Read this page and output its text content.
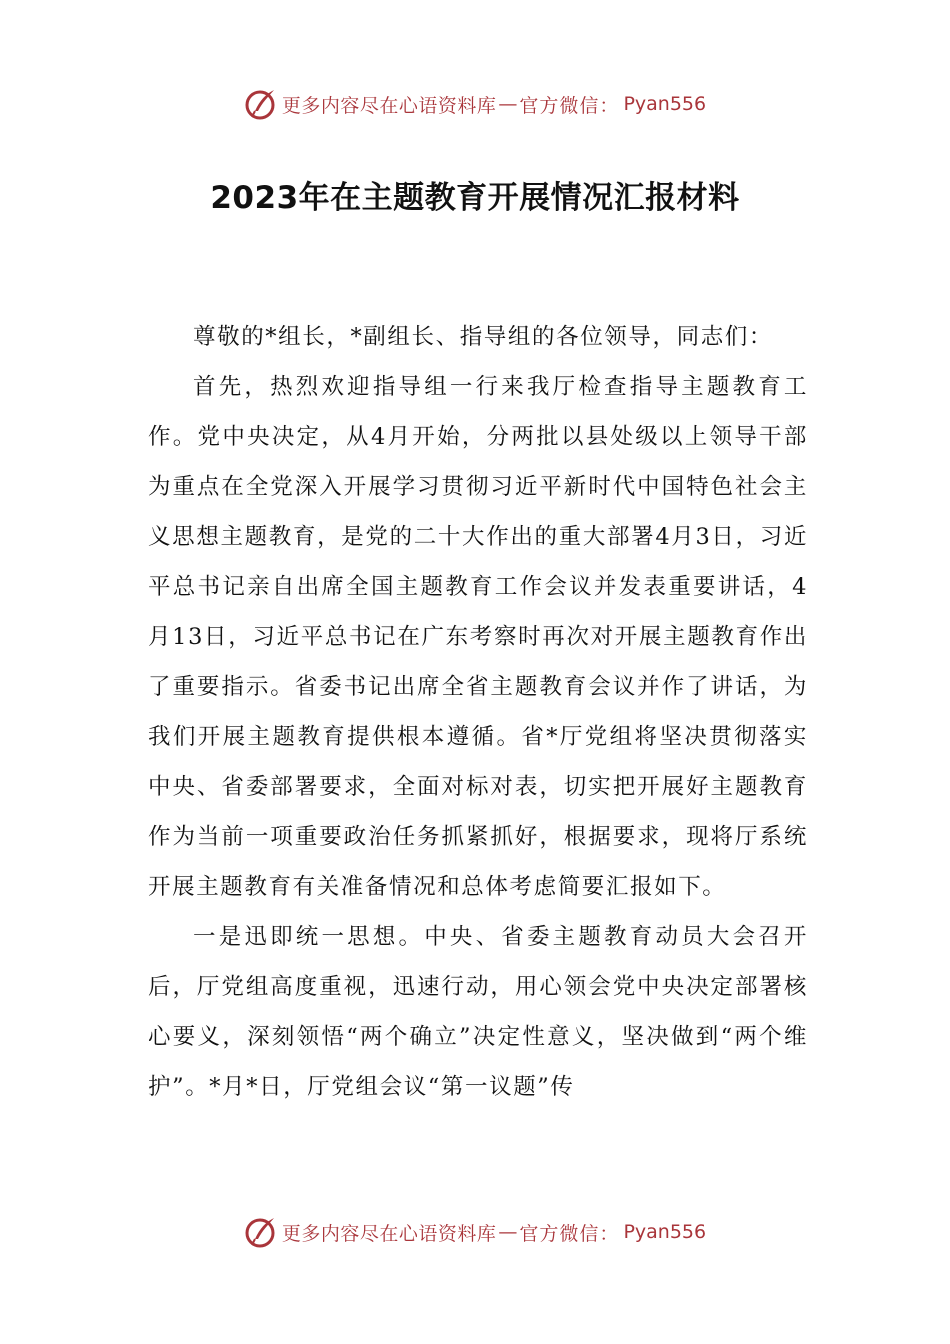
更多内容尽在心语资料库 — 官方微信： Pyan556
2023年在主题教育开展情况汇报材料

尊敬的*组长，*副组长、指导组的各位领导，同志们：

首先，热烈欢迎指导组一行来我厅检查指导主题教育工作。党中央决定，从4月开始，分两批以县处级以上领导干部为重点在全党深入开展学习贯彻习近平新时代中国特色社会主义思想主题教育，是党的二十大作出的重大部署4月3日，习近平总书记亲自出席全国主题教育工作会议并发表重要讲话，4月13日，习近平总书记在广东考察时再次对开展主题教育作出了重要指示。省委书记出席全省主题教育会议并作了讲话，为我们开展主题教育提供根本遵循。省*厅党组将坚决贯彻落实中央、省委部署要求，全面对标对表，切实把开展好主题教育作为当前一项重要政治任务抓紧抓好，根据要求，现将厅系统开展主题教育有关准备情况和总体考虑简要汇报如下。

一是迅即统一思想。中央、省委主题教育动员大会召开后，厅党组高度重视，迅速行动，用心领会党中央决定部署核心要义，深刻领悟“两个确立”决定性意义，坚决做到“两个维护”。*月*日，厅党组会议“第一议题”传

更多内容尽在心语资料库 — 官方微信： Pyan556
